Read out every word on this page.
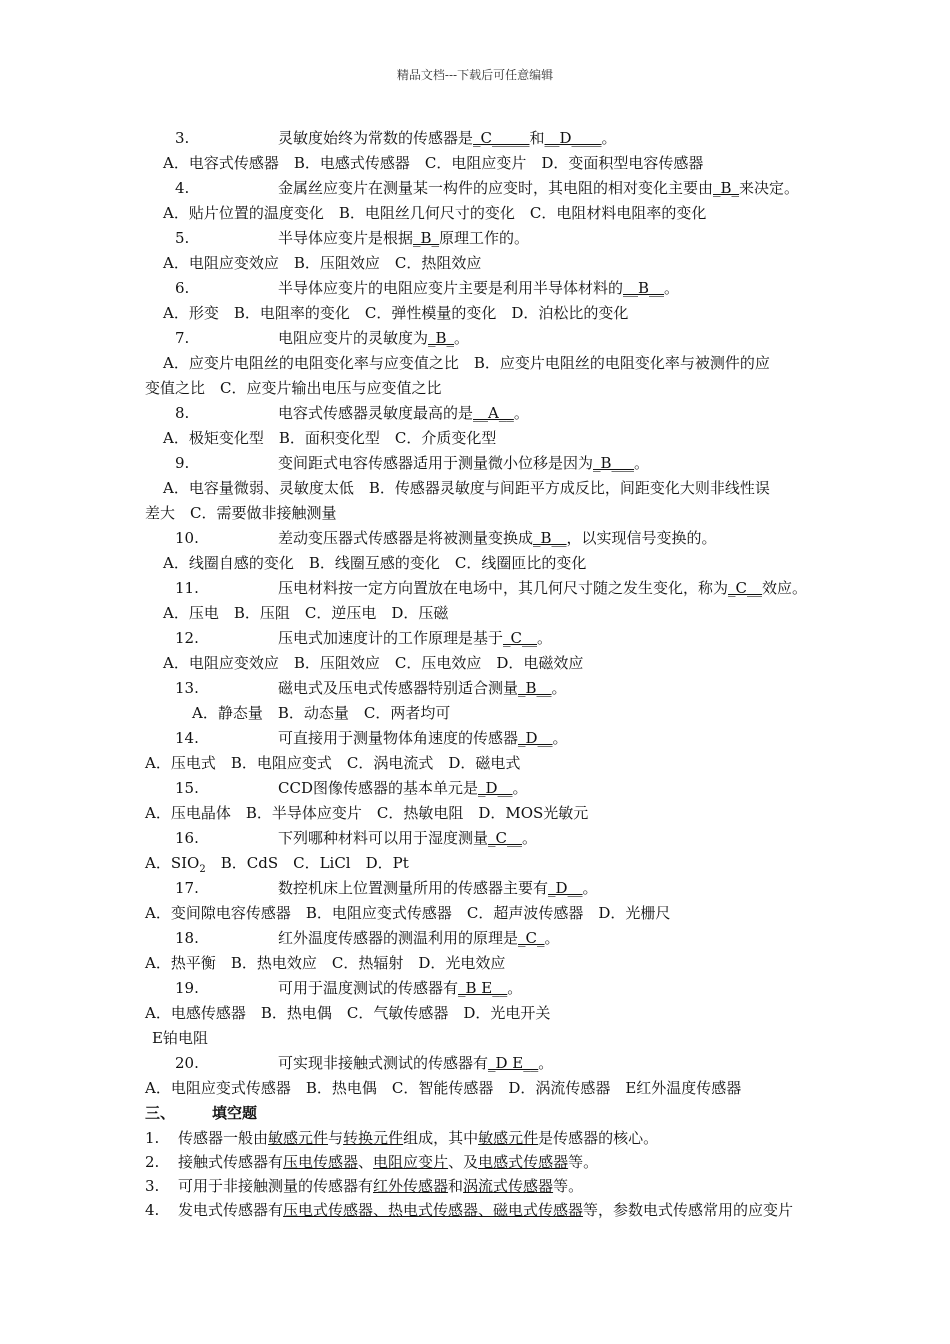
精品文档---下载后可任意编辑
3.	灵敏度始终为常数的传感器是_C_____和__D____。
A．电容式传感器　B．电感式传感器　C．电阻应变片　D．变面积型电容传感器
4.	金属丝应变片在测量某一构件的应变时，其电阻的相对变化主要由_B_来决定。
A．贴片位置的温度变化　B．电阻丝几何尺寸的变化　C．电阻材料电阻率的变化
5.	半导体应变片是根据_B_原理工作的。
A．电阻应变效应　B．压阻效应　C．热阻效应
6.	半导体应变片的电阻应变片主要是利用半导体材料的__B__。
A．形变　B．电阻率的变化　C．弹性模量的变化　D．泊松比的变化
7.	电阻应变片的灵敏度为_B_。
A．应变片电阻丝的电阻变化率与应变值之比　B．应变片电阻丝的电阻变化率与被测件的应
变值之比　C．应变片输出电压与应变值之比
8.	电容式传感器灵敏度最高的是__A__。
A．极矩变化型　B．面积变化型　C．介质变化型
9.	变间距式电容传感器适用于测量微小位移是因为_B___。
A．电容量微弱、灵敏度太低　B．传感器灵敏度与间距平方成反比，间距变化大则非线性误
差大　C．需要做非接触测量
10.	差动变压器式传感器是将被测量变换成_B__，以实现信号变换的。
A．线圈自感的变化　B．线圈互感的变化　C．线圈匝比的变化
11.	压电材料按一定方向置放在电场中，其几何尺寸随之发生变化，称为_C__效应。
A．压电　B．压阻　C．逆压电　D．压磁
12.	压电式加速度计的工作原理是基于_C__。
A．电阻应变效应　B．压阻效应　C．压电效应　D．电磁效应
13.	磁电式及压电式传感器特别适合测量_B__。
A．静态量　B．动态量　C．两者均可
14.	可直接用于测量物体角速度的传感器_D__。
A．压电式　B．电阻应变式　C．涡电流式　D．磁电式
15.	CCD图像传感器的基本单元是_D__。
A．压电晶体　B．半导体应变片　C．热敏电阻　D．MOS光敏元
16.	下列哪种材料可以用于湿度测量_C__。
A．$SIO_2$　B．CdS　C．LiCl　D．Pt
17.	数控机床上位置测量所用的传感器主要有_D__。
A．变间隙电容传感器　B．电阻应变式传感器　C．超声波传感器　D．光栅尺
18.	红外温度传感器的测温利用的原理是_C_。
A．热平衡　B．热电效应　C．热辐射　D．光电效应
19.	可用于温度测试的传感器有_B E__。
A．电感传感器　B．热电偶　C．气敏传感器　D．光电开关
E铂电阻
20.	可实现非接触式测试的传感器有_D E__。
A．电阻应变式传感器　B．热电偶　C．智能传感器　D．涡流传感器　E红外温度传感器
三、 填空题
1. 传感器一般由敏感元件与转换元件组成，其中敏感元件是传感器的核心。
2. 接触式传感器有压电传感器、电阻应变片、及电感式传感器等。
3. 可用于非接触测量的传感器有红外传感器和涡流式传感器等。
4. 发电式传感器有压电式传感器、热电式传感器、磁电式传感器等，参数电式传感常用的应变片
